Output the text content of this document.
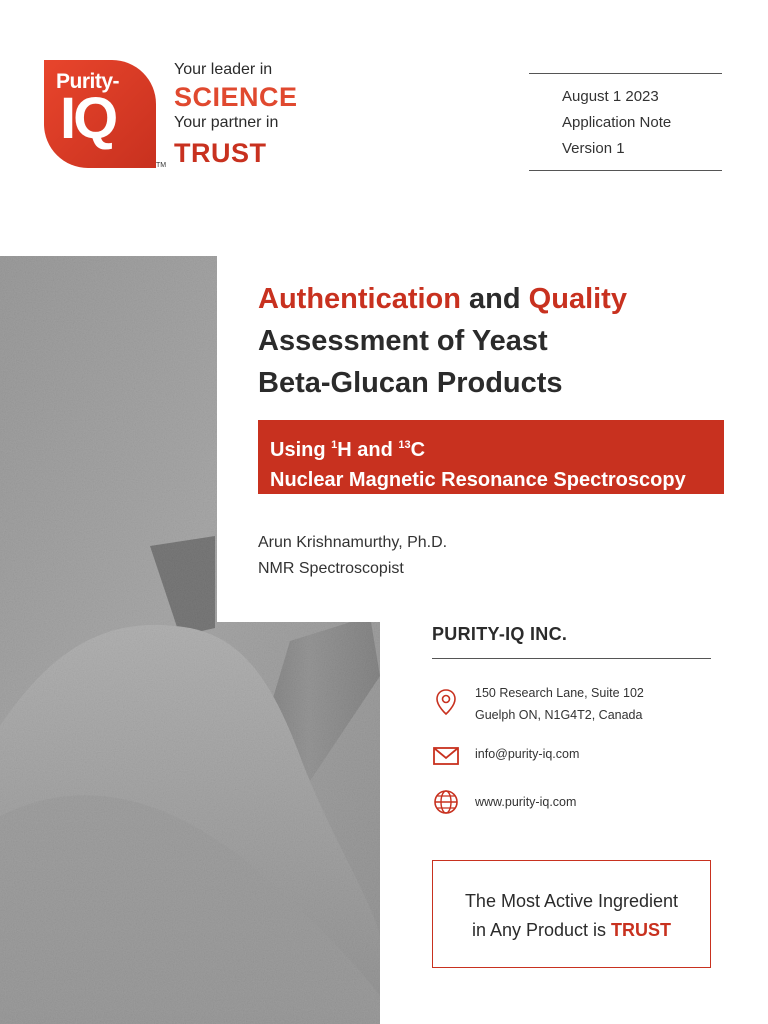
Purity-
IQ
TM
Your leader in
SCIENCE
Your partner in
TRUST
August 1 2023
Application Note
Version 1
Authentication and Quality
Assessment of Yeast
Beta-Glucan Products
Using $^1$H and $^{13}$C
Nuclear Magnetic Resonance Spectroscopy
Arun Krishnamurthy, Ph.D.
NMR Spectroscopist
PURITY-IQ INC.
150 Research Lane, Suite 102
Guelph ON, N1G4T2, Canada
info@purity-iq.com
www.purity-iq.com
The Most Active Ingredient
in Any Product is TRUST
